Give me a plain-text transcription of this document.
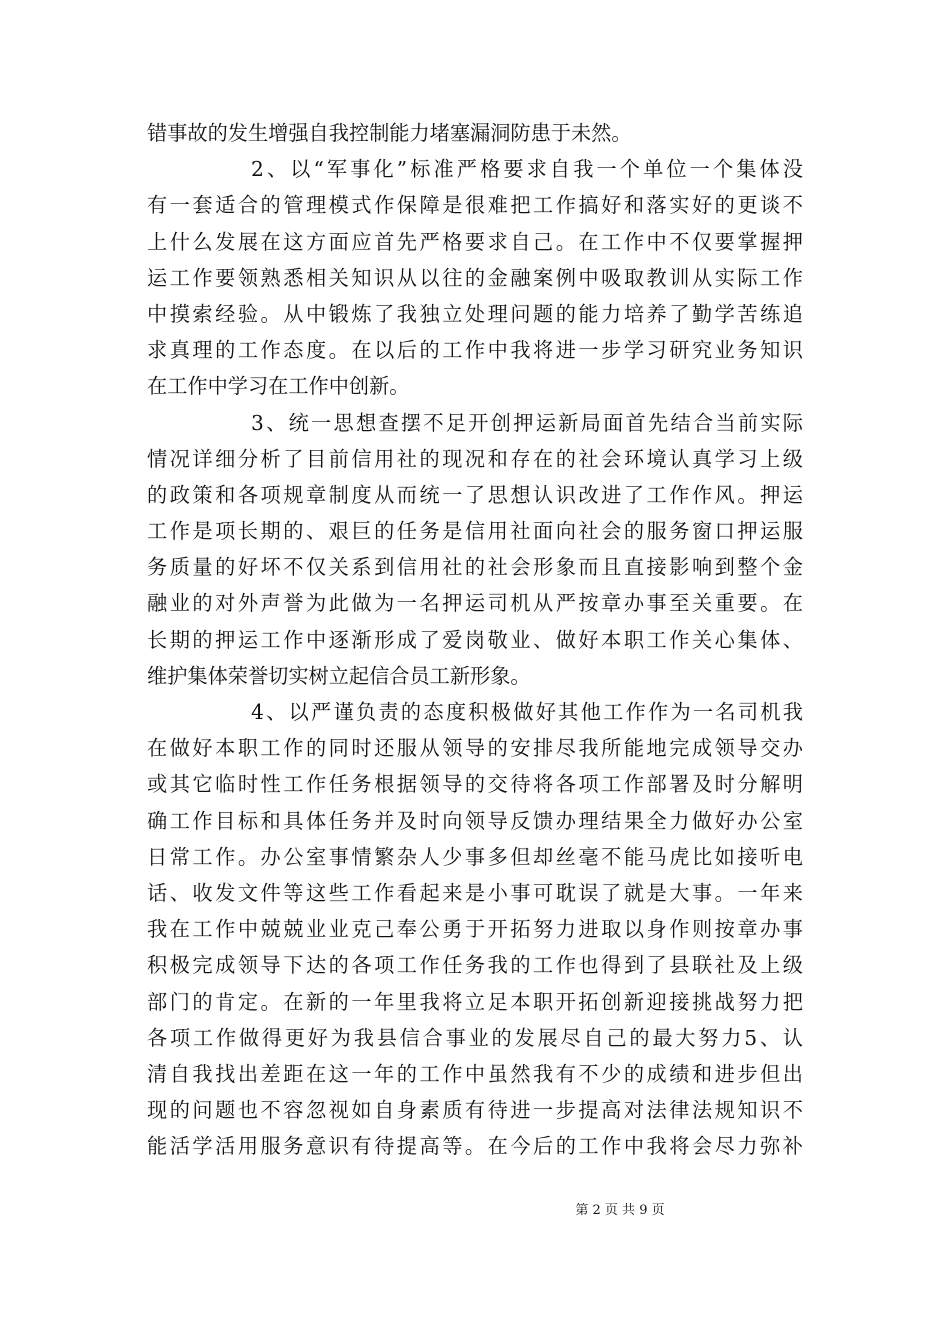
错事故的发生增强自我控制能力堵塞漏洞防患于未然。
2、以“军事化”标准严格要求自我一个单位一个集体没
有一套适合的管理模式作保障是很难把工作搞好和落实好的更谈不
上什么发展在这方面应首先严格要求自己。在工作中不仅要掌握押
运工作要领熟悉相关知识从以往的金融案例中吸取教训从实际工作
中摸索经验。从中锻炼了我独立处理问题的能力培养了勤学苦练追
求真理的工作态度。在以后的工作中我将进一步学习研究业务知识
在工作中学习在工作中创新。
3、统一思想查摆不足开创押运新局面首先结合当前实际
情况详细分析了目前信用社的现况和存在的社会环境认真学习上级
的政策和各项规章制度从而统一了思想认识改进了工作作风。押运
工作是项长期的、艰巨的任务是信用社面向社会的服务窗口押运服
务质量的好坏不仅关系到信用社的社会形象而且直接影响到整个金
融业的对外声誉为此做为一名押运司机从严按章办事至关重要。在
长期的押运工作中逐渐形成了爱岗敬业、做好本职工作关心集体、
维护集体荣誉切实树立起信合员工新形象。
4、以严谨负责的态度积极做好其他工作作为一名司机我
在做好本职工作的同时还服从领导的安排尽我所能地完成领导交办
或其它临时性工作任务根据领导的交待将各项工作部署及时分解明
确工作目标和具体任务并及时向领导反馈办理结果全力做好办公室
日常工作。办公室事情繁杂人少事多但却丝毫不能马虎比如接听电
话、收发文件等这些工作看起来是小事可耽误了就是大事。一年来
我在工作中兢兢业业克己奉公勇于开拓努力进取以身作则按章办事
积极完成领导下达的各项工作任务我的工作也得到了县联社及上级
部门的肯定。在新的一年里我将立足本职开拓创新迎接挑战努力把
各项工作做得更好为我县信合事业的发展尽自己的最大努力5、认
清自我找出差距在这一年的工作中虽然我有不少的成绩和进步但出
现的问题也不容忽视如自身素质有待进一步提高对法律法规知识不
能活学活用服务意识有待提高等。在今后的工作中我将会尽力弥补
第 2 页 共 9 页
